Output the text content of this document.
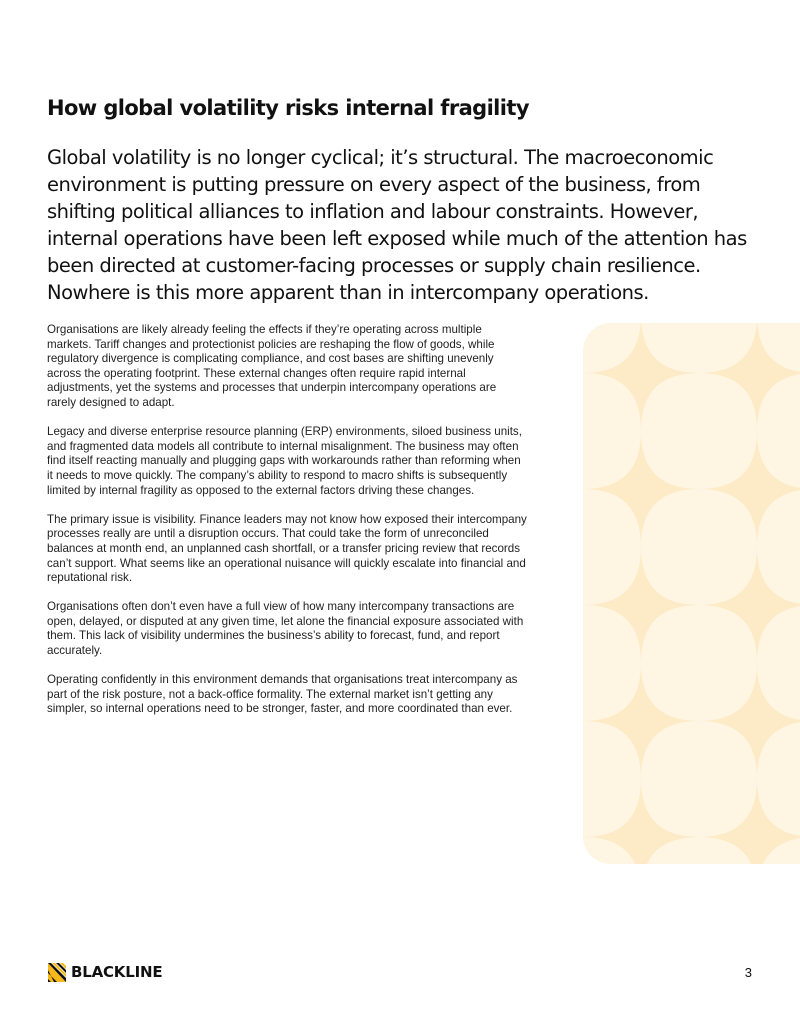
How global volatility risks internal fragility

Global volatility is no longer cyclical; it’s structural. The macroeconomic environment is putting pressure on every aspect of the business, from shifting political alliances to inflation and labour constraints. However, internal operations have been left exposed while much of the attention has been directed at customer-facing processes or supply chain resilience. Nowhere is this more apparent than in intercompany operations.

Organisations are likely already feeling the effects if they’re operating across multiple markets. Tariff changes and protectionist policies are reshaping the flow of goods, while regulatory divergence is complicating compliance, and cost bases are shifting unevenly across the operating footprint. These external changes often require rapid internal adjustments, yet the systems and processes that underpin intercompany operations are rarely designed to adapt.

Legacy and diverse enterprise resource planning (ERP) environments, siloed business units, and fragmented data models all contribute to internal misalignment. The business may often find itself reacting manually and plugging gaps with workarounds rather than reforming when it needs to move quickly. The company’s ability to respond to macro shifts is subsequently limited by internal fragility as opposed to the external factors driving these changes.

The primary issue is visibility. Finance leaders may not know how exposed their intercompany processes really are until a disruption occurs. That could take the form of unreconciled balances at month end, an unplanned cash shortfall, or a transfer pricing review that records can’t support. What seems like an operational nuisance will quickly escalate into financial and reputational risk.

Organisations often don’t even have a full view of how many intercompany transactions are open, delayed, or disputed at any given time, let alone the financial exposure associated with them. This lack of visibility undermines the business’s ability to forecast, fund, and report accurately.

Operating confidently in this environment demands that organisations treat intercompany as part of the risk posture, not a back-office formality. The external market isn’t getting any simpler, so internal operations need to be stronger, faster, and more coordinated than ever.

BLACKLINE	3
